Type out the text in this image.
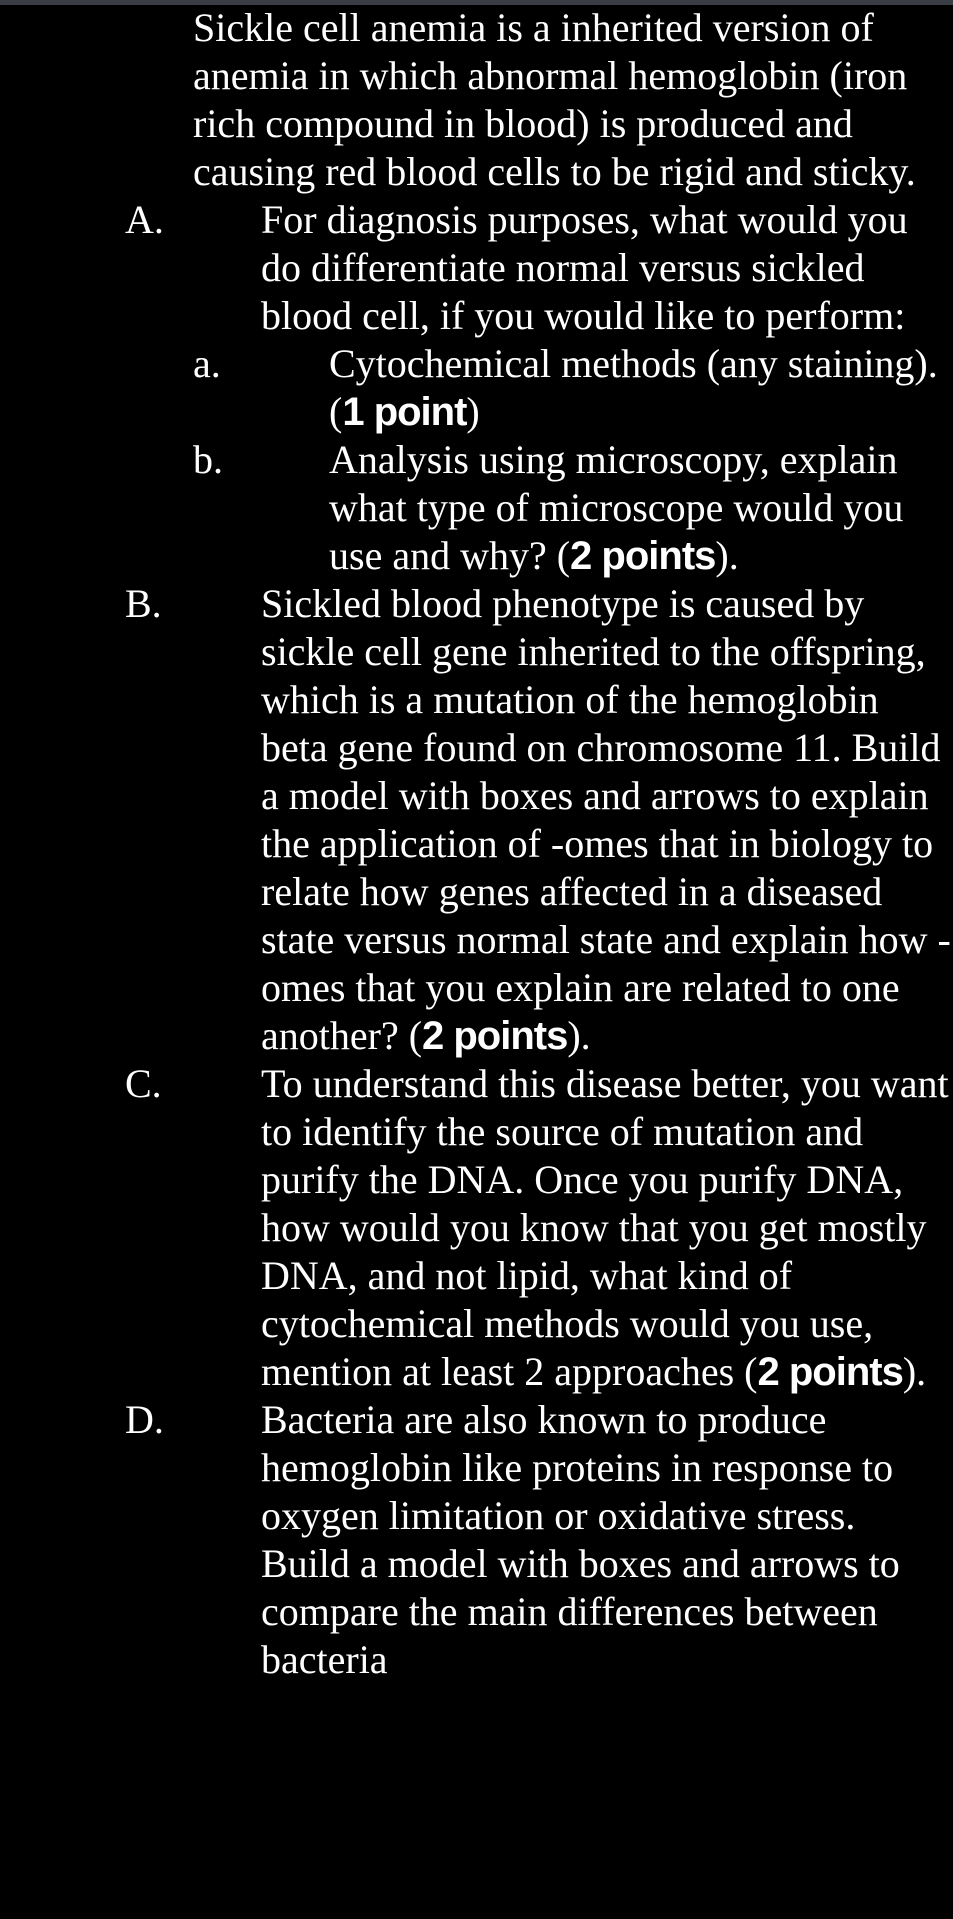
Sickle cell anemia is a inherited version of anemia in which abnormal hemoglobin (iron rich compound in blood) is produced and causing red blood cells to be rigid and sticky.
A. For diagnosis purposes, what would you do differentiate normal versus sickled blood cell, if you would like to perform:
a.	Cytochemical methods (any staining). (1 point)
b.	Analysis using microscopy, explain what type of microscope would you use and why? (2 points).
B. Sickled blood phenotype is caused by sickle cell gene inherited to the offspring, which is a mutation of the hemoglobin beta gene found on chromosome 11. Build a model with boxes and arrows to explain the application of -omes that in biology to relate how genes affected in a diseased state versus normal state and explain how -omes that you explain are related to one another? (2 points).
C. To understand this disease better, you want to identify the source of mutation and purify the DNA. Once you purify DNA, how would you know that you get mostly DNA, and not lipid, what kind of cytochemical methods would you use, mention at least 2 approaches (2 points).
D. Bacteria are also known to produce hemoglobin like proteins in response to oxygen limitation or oxidative stress. Build a model with boxes and arrows to compare the main differences between bacteria
